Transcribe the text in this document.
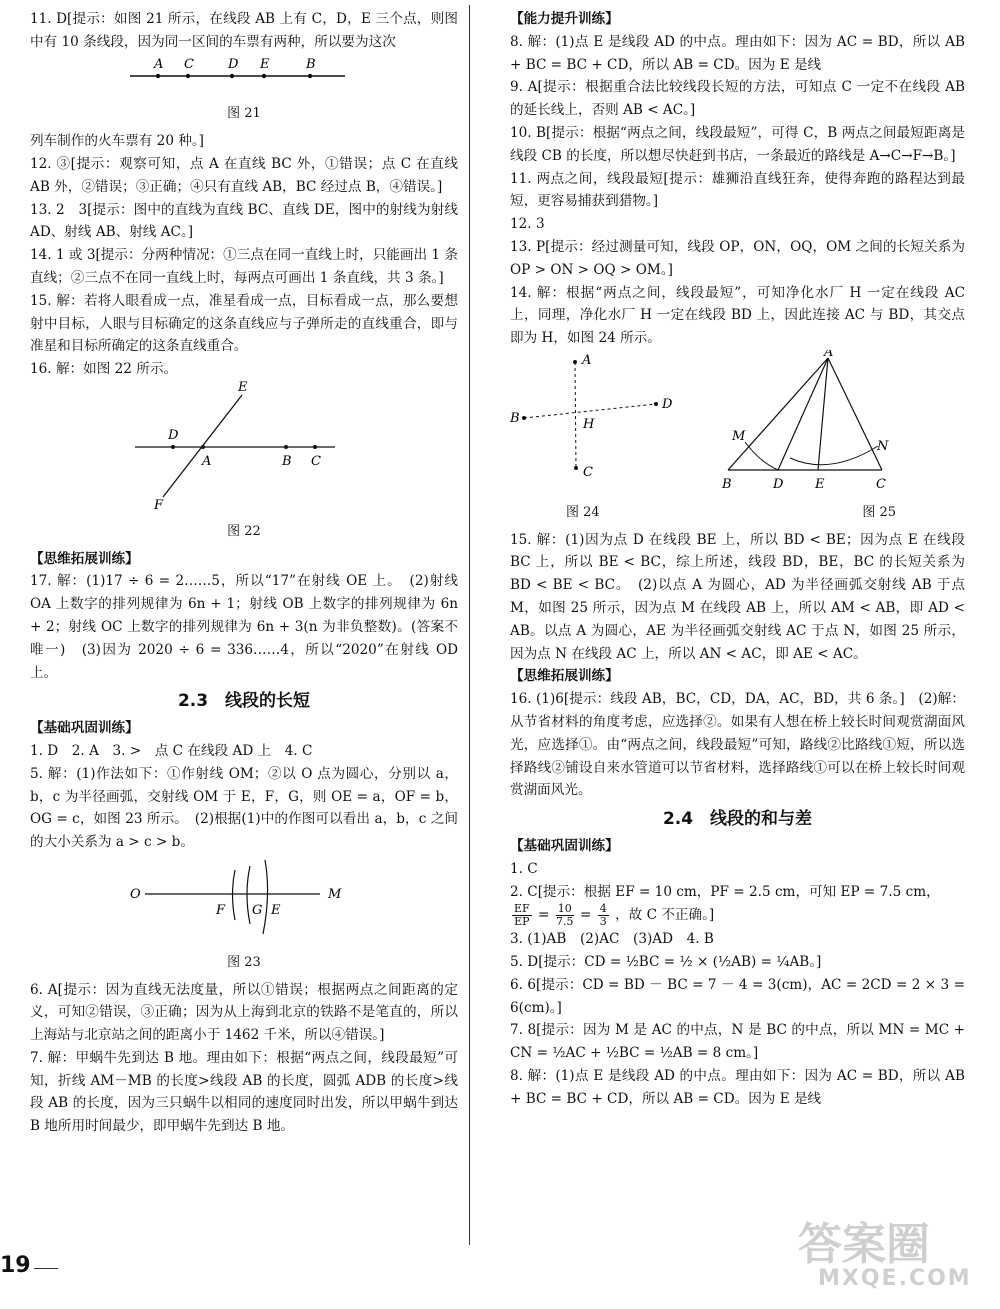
11. D[提示：如图 21 所示，在线段 AB 上有 C，D，E 三个点，则图中有 10 条线段，因为同一区间的车票有两种，所以要为这次

A C	D E	B
图 21

列车制作的火车票有 20 种。]

12. ③[提示：观察可知，点 A 在直线 BC 外，①错误；点 C 在直线 AB 外，②错误；③正确；④只有直线 AB，BC 经过点 B，④错误。]

13. 2　3[提示：图中的直线为直线 BC、直线 DE，图中的射线为射线 AD、射线 AB、射线 AC。]

14. 1 或 3[提示：分两种情况：①三点在同一直线上时，只能画出 1 条直线；②三点不在同一直线上时，每两点可画出 1 条直线，共 3 条。]

15. 解：若将人眼看成一点，准星看成一点，目标看成一点，那么要想射中目标，人眼与目标确定的这条直线应与子弹所走的直线重合，即与准星和目标所确定的这条直线重合。

16. 解：如图 22 所示。

E
D
A	B C
F
图 22

【思维拓展训练】

17. 解：(1)17 ÷ 6 = 2……5，所以“17”在射线 OE 上。　(2)射线 OA 上数字的排列规律为 6n + 1；射线 OB 上数字的排列规律为 6n + 2；射线 OC 上数字的排列规律为 6n + 3(n 为非负整数)。(答案不唯一)　(3)因为 2020 ÷ 6 = 336……4，所以“2020”在射线 OD 上。

2.3　线段的长短

【基础巩固训练】

1. D　2. A　3. >　点 C 在线段 AD 上　4. C

5. 解：(1)作法如下：①作射线 OM；②以 O 点为圆心，分别以 a，b，c 为半径画弧，交射线 OM 于 E，F，G，则 OE = a，OF = b，OG = c，如图 23 所示。　(2)根据(1)中的作图可以看出 a，b，c 之间的大小关系为 a > c > b。

O
F G E
M
图 23

6. A[提示：因为直线无法度量，所以①错误；根据两点之间距离的定义，可知②错误，③正确；因为从上海到北京的铁路不是笔直的，所以上海站与北京站之间的距离小于 1462 千米，所以④错误。]

7. 解：甲蜗牛先到达 B 地。理由如下：根据“两点之间，线段最短”可知，折线 AM－MB 的长度>线段 AB 的长度，圆弧 ADB 的长度>线段 AB 的长度，因为三只蜗牛以相同的速度同时出发，所以甲蜗牛到达 B 地所用时间最少，即甲蜗牛先到达 B 地。

【能力提升训练】

8. 解：(1)点 E 是线段 AD 的中点。理由如下：因为 AC = BD，所以 AB + BC = BC + CD，所以 AB = CD。因为 E 是线

9. A[提示：根据重合法比较线段长短的方法，可知点 C 一定不在线段 AB 的延长线上，否则 AB < AC。]

10. B[提示：根据“两点之间，线段最短”，可得 C，B 两点之间最短距离是线段 CB 的长度，所以想尽快赶到书店，一条最近的路线是 A→C→F→B。]

11. 两点之间，线段最短[提示：雄狮沿直线狂奔，使得奔跑的路程达到最短，更容易捕获到猎物。]

12. 3

13. P[提示：经过测量可知，线段 OP，ON，OQ，OM 之间的长短关系为 OP > ON > OQ > OM。]

14. 解：根据“两点之间，线段最短”，可知净化水厂 H 一定在线段 AC 上，同理，净化水厂 H 一定在线段 BD 上，因此连接 AC 与 BD，其交点即为 H，如图 24 所示。

A
B
D
H
C
A
M
N
B	D E	C
图 24	图 25

15. 解：(1)因为点 D 在线段 BE 上，所以 BD < BE；因为点 E 在线段 BC 上，所以 BE < BC，综上所述，线段 BD，BE，BC 的长短关系为 BD < BE < BC。　(2)以点 A 为圆心，AD 为半径画弧交射线 AB 于点 M，如图 25 所示，因为点 M 在线段 AB 上，所以 AM < AB，即 AD < AB。以点 A 为圆心，AE 为半径画弧交射线 AC 于点 N，如图 25 所示，因为点 N 在线段 AC 上，所以 AN < AC，即 AE < AC。

【思维拓展训练】

16. (1)6[提示：线段 AB，BC，CD，DA，AC，BD，共 6 条。]　(2)解：从节省材料的角度考虑，应选择②。如果有人想在桥上较长时间观赏湖面风光，应选择①。由“两点之间，线段最短”可知，路线②比路线①短，所以选择路线②铺设自来水管道可以节省材料，选择路线①可以在桥上较长时间观赏湖面风光。

2.4　线段的和与差

【基础巩固训练】

1. C

2. C[提示：根据 EF = 10 cm，PF = 2.5 cm，可知 EP = 7.5 cm，

$\frac{EF}{EP} = \frac{10}{7.5} = \frac{4}{3}$ ，故 C 不正确。]

3. (1)AB　(2)AC　(3)AD　4. B

5. D[提示：CD = ½BC = ½ × (½AB) = ¼AB。]

6. 6[提示：CD = BD － BC = 7 － 4 = 3(cm)，AC = 2CD = 2 × 3 = 6(cm)。]

7. 8[提示：因为 M 是 AC 的中点，N 是 BC 的中点，所以 MN = MC + CN = ½AC + ½BC = ½AB = 8 cm。]

8. 解：(1)点 E 是线段 AD 的中点。理由如下：因为 AC = BD，所以 AB + BC = BC + CD，所以 AB = CD。因为 E 是线

19	答案圈
MXQE.COM
